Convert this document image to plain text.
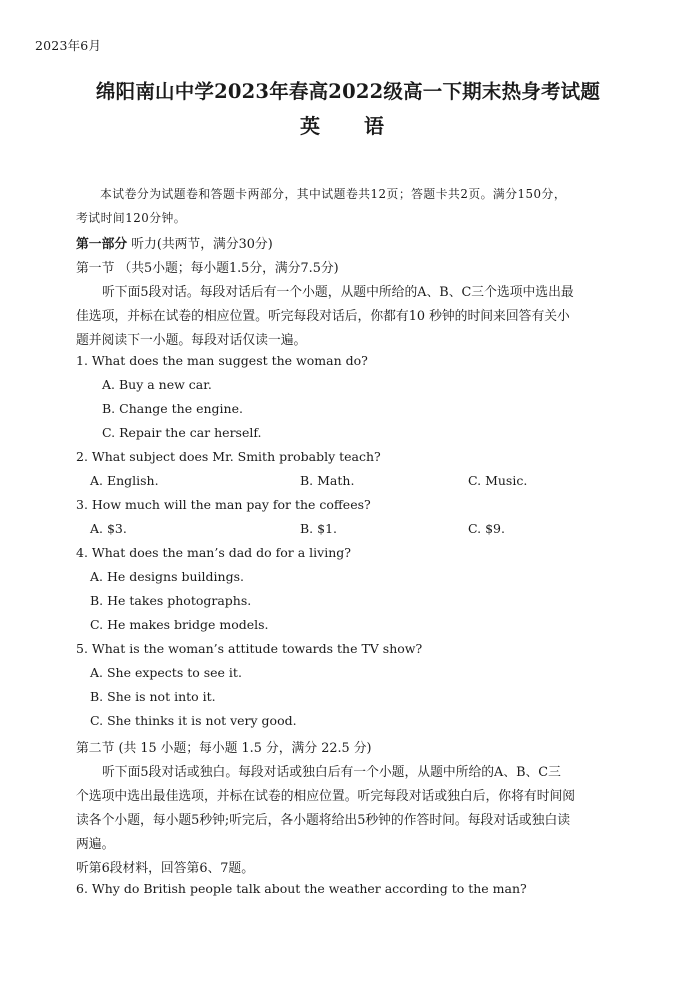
2023年6月
绵阳南山中学2023年春高2022级高一下期末热身考试题
英　语
本试卷分为试题卷和答题卡两部分，其中试题卷共12页；答题卡共2页。满分150分，
考试时间120分钟。
第一部分 听力(共两节，满分30分)
第一节 （共5小题；每小题1.5分，满分7.5分)
听下面5段对话。每段对话后有一个小题，从题中所给的A、B、C三个选项中选出最
佳选项，并标在试卷的相应位置。听完每段对话后，你都有10 秒钟的时间来回答有关小
题并阅读下一小题。每段对话仅读一遍。
1. What does the man suggest the woman do?
A. Buy a new car.
B. Change the engine.
C. Repair the car herself.
2. What subject does Mr. Smith probably teach?
A. English.	B. Math.	C. Music.
3. How much will the man pay for the coffees?
A. $3.	B. $1.	C. $9.
4. What does the man’s dad do for a living?
A. He designs buildings.
B. He takes photographs.
C. He makes bridge models.
5. What is the woman’s attitude towards the TV show?
A. She expects to see it.
B. She is not into it.
C. She thinks it is not very good.
第二节 (共 15 小题；每小题 1.5 分，满分 22.5 分)
听下面5段对话或独白。每段对话或独白后有一个小题，从题中所给的A、B、C三
个选项中选出最佳选项，并标在试卷的相应位置。听完每段对话或独白后，你将有时间阅
读各个小题，每小题5秒钟;听完后，各小题将给出5秒钟的作答时间。每段对话或独白读
两遍。
听第6段材料，回答第6、7题。
6. Why do British people talk about the weather according to the man?
